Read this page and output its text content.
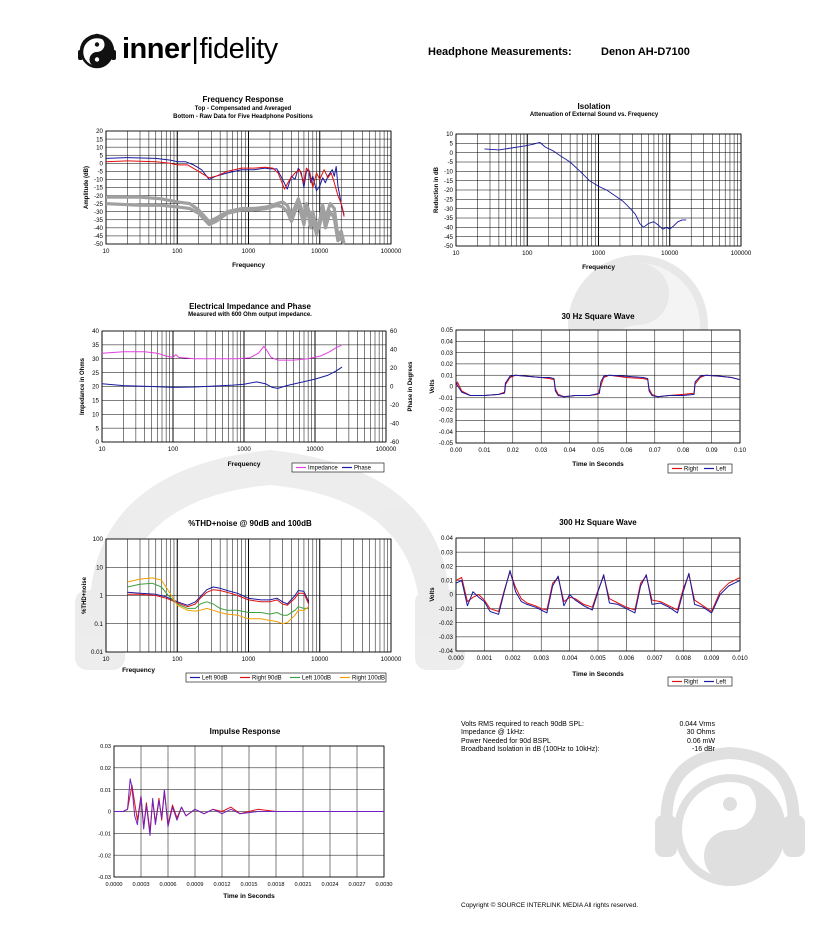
inner|fidelity	Headphone Measurements:	Denon AH-D7100
Frequency Response
Top - Compensated and Averaged
Bottom - Raw Data for Five Headphone Positions
Isolation
Attenuation of External Sound vs. Frequency
Electrical Impedance and Phase
Measured with 600 Ohm output impedance.	30 Hz Square Wave
%THD+noise @ 90dB and 100dB	300 Hz Square Wave
Impulse Response
10	100	1000	10000	100000
20
15
10
5
0
-5
-10
-15
-20
-25
-30
-35
-40
-45
-50
Frequency
Amplitude (dB)
10	100	1000	10000	100000
10
5
0
-5
-10
-15
-20
-25
-30
-35
-40
-45
-50
Frequency
Reduction in dB
10	100	1000	10000	100000
40
35
30
25
20
15
10
5
0
60
40
20
0
-20
-40
-60
Frequency
Impedance in Ohms	Phase in Degrees
Impedance	Phase
0.00	0.01	0.02	0.03	0.04	0.05	0.06	0.07	0.08	0.09	0.10
0.05
0.04
0.03
0.02
0.01
0
-0.01
-0.02
-0.03
-0.04
-0.05
Time in Seconds
Volts
Right	Left
10	100	1000	10000	100000
100
10
1
0.1
0.01
Frequency
%THD+noise
Left 90dB	Right 90dB	Left 100dB	Right 100dB
0.000 0.001 0.002 0.003 0.004 0.005 0.006 0.007 0.008 0.009 0.010
0.04
0.03
0.02
0.01
0
-0.01
-0.02
-0.03
-0.04
Time in Seconds
Volts
Right	Left
0.0000 0.0003 0.0006 0.0009 0.0012 0.0015 0.0018 0.0021 0.0024 0.0027 0.0030
0.03
0.02
0.01
0
-0.01
-0.02
-0.03
Time in Seconds
Volts RMS required to reach 90dB SPL:	0.044 Vrms
Impedance @ 1kHz:	30 Ohms
Power Needed for 90d BSPL	0.06 mW
Broadband Isolation in dB (100Hz to 10kHz):	-16 dBr
Copyright © SOURCE INTERLINK MEDIA All rights reserved.
